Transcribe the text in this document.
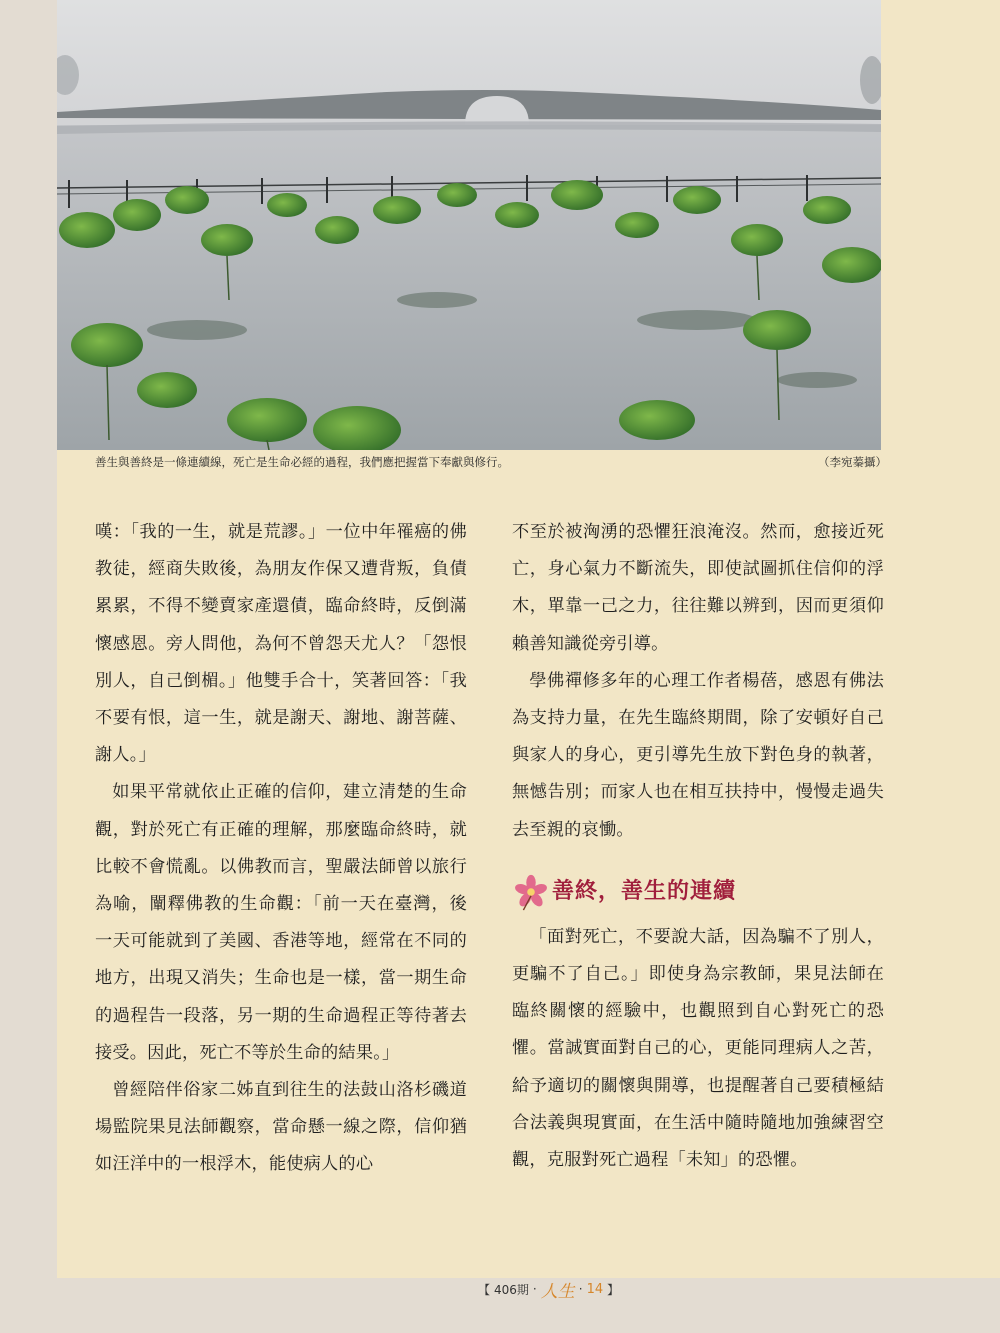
善生與善終是一條連續線，死亡是生命必經的過程，我們應把握當下奉獻與修行。	（李宛蓁攝）

嘆：「我的一生，就是荒謬。」一位中年罹癌的佛教徒，經商失敗後，為朋友作保又遭背叛，負債累累，不得不變賣家產還債，臨命終時，反倒滿懷感恩。旁人問他，為何不曾怨天尤人？「怨恨別人，自己倒楣。」他雙手合十，笑著回答：「我不要有恨，這一生，就是謝天、謝地、謝菩薩、謝人。」

如果平常就依止正確的信仰，建立清楚的生命觀，對於死亡有正確的理解，那麼臨命終時，就比較不會慌亂。以佛教而言，聖嚴法師曾以旅行為喻，闡釋佛教的生命觀：「前一天在臺灣，後一天可能就到了美國、香港等地，經常在不同的地方，出現又消失；生命也是一樣，當一期生命的過程告一段落，另一期的生命過程正等待著去接受。因此，死亡不等於生命的結果。」

曾經陪伴俗家二姊直到往生的法鼓山洛杉磯道場監院果見法師觀察，當命懸一線之際，信仰猶如汪洋中的一根浮木，能使病人的心

不至於被洶湧的恐懼狂浪淹沒。然而，愈接近死亡，身心氣力不斷流失，即使試圖抓住信仰的浮木，單靠一己之力，往往難以辨到，因而更須仰賴善知識從旁引導。

學佛禪修多年的心理工作者楊蓓，感恩有佛法為支持力量，在先生臨終期間，除了安頓好自己與家人的身心，更引導先生放下對色身的執著，無憾告別；而家人也在相互扶持中，慢慢走過失去至親的哀慟。

善終，善生的連續

「面對死亡，不要說大話，因為騙不了別人，更騙不了自己。」即使身為宗教師，果見法師在臨終關懷的經驗中，也觀照到自心對死亡的恐懼。當誠實面對自己的心，更能同理病人之苦，給予適切的關懷與開導，也提醒著自己要積極結合法義與現實面，在生活中隨時隨地加強練習空觀，克服對死亡過程「未知」的恐懼。

【 406期 · 人生 · 14 】
